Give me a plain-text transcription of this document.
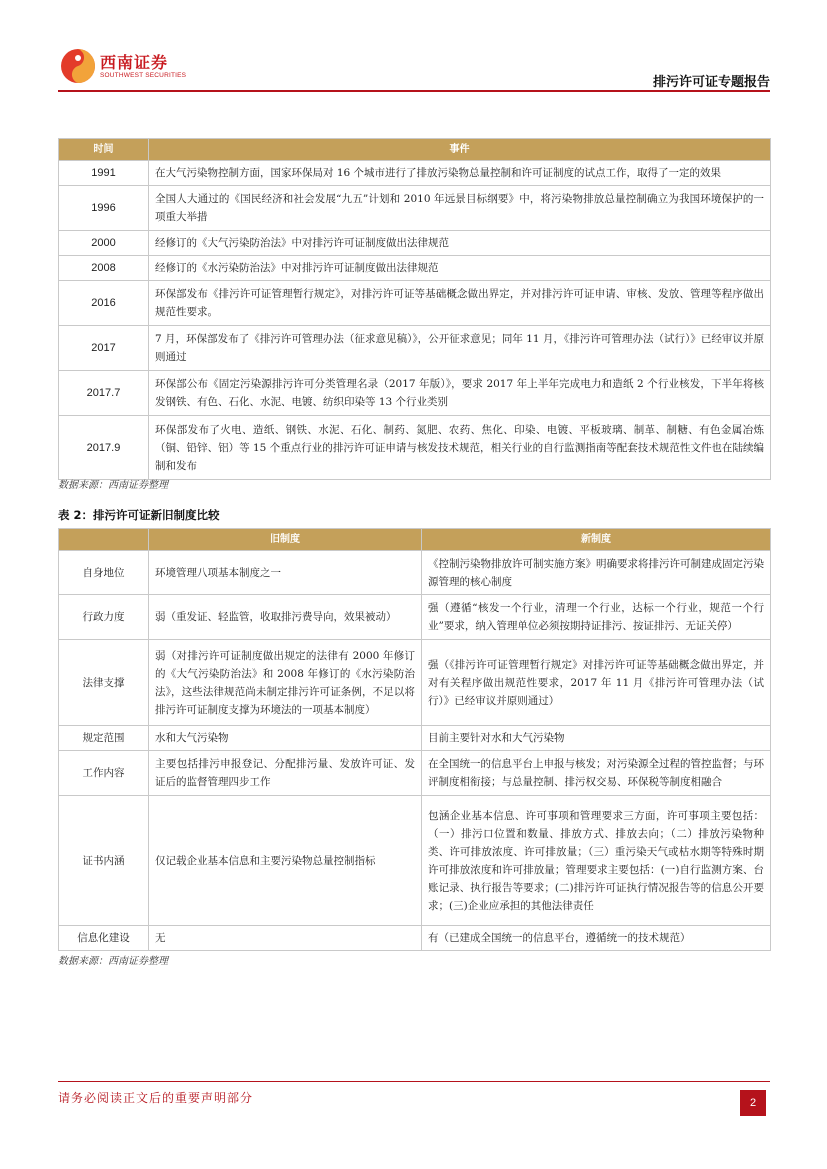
西南证券
SOUTHWEST SECURITIES	排污许可证专题报告
时间	事件
1991	在大气污染物控制方面，国家环保局对 16 个城市进行了排放污染物总量控制和许可证制度的试点工作，取得了一定的效果
1996	全国人大通过的《国民经济和社会发展“九五”计划和 2010 年远景目标纲要》中，将污染物排放总量控制确立为我国环境保护的一项重大举措
2000	经修订的《大气污染防治法》中对排污许可证制度做出法律规范
2008	经修订的《水污染防治法》中对排污许可证制度做出法律规范
2016	环保部发布《排污许可证管理暂行规定》，对排污许可证等基础概念做出界定，并对排污许可证申请、审核、发放、管理等程序做出规范性要求。
2017	7 月，环保部发布了《排污许可管理办法（征求意见稿）》，公开征求意见；同年 11 月，《排污许可管理办法（试行）》已经审议并原则通过
2017.7	环保部公布《固定污染源排污许可分类管理名录（2017 年版）》，要求 2017 年上半年完成电力和造纸 2 个行业核发，下半年将核发钢铁、有色、石化、水泥、电镀、纺织印染等 13 个行业类别
2017.9	环保部发布了火电、造纸、钢铁、水泥、石化、制药、氮肥、农药、焦化、印染、电镀、平板玻璃、制革、制糖、有色金属冶炼（铜、铅锌、铝）等 15 个重点行业的排污许可证申请与核发技术规范，相关行业的自行监测指南等配套技术规范性文件也在陆续编制和发布
数据来源：西南证券整理
表 2：排污许可证新旧制度比较
	旧制度	新制度
自身地位	环境管理八项基本制度之一	《控制污染物排放许可制实施方案》明确要求将排污许可制建成固定污染源管理的核心制度
行政力度	弱（重发证、轻监管，收取排污费导向，效果被动）	强（遵循“核发一个行业，清理一个行业，达标一个行业，规范一个行业”要求，纳入管理单位必须按期持证排污、按证排污、无证关停）
法律支撑	弱（对排污许可证制度做出规定的法律有 2000 年修订的《大气污染防治法》和 2008 年修订的《水污染防治法》，这些法律规范尚未制定排污许可证条例，不足以将排污许可证制度支撑为环境法的一项基本制度）	强（《排污许可证管理暂行规定》对排污许可证等基础概念做出界定，并对有关程序做出规范性要求，2017 年 11 月《排污许可管理办法（试行）》已经审议并原则通过）
规定范围	水和大气污染物	目前主要针对水和大气污染物
工作内容	主要包括排污申报登记、分配排污量、发放许可证、发证后的监督管理四步工作	在全国统一的信息平台上申报与核发；对污染源全过程的管控监督；与环评制度相衔接；与总量控制、排污权交易、环保税等制度相融合
证书内涵	仅记载企业基本信息和主要污染物总量控制指标	包涵企业基本信息、许可事项和管理要求三方面，许可事项主要包括：（一）排污口位置和数量、排放方式、排放去向；（二）排放污染物种类、许可排放浓度、许可排放量；（三）重污染天气或枯水期等特殊时期许可排放浓度和许可排放量；管理要求主要包括：(一)自行监测方案、台账记录、执行报告等要求；(二)排污许可证执行情况报告等的信息公开要求；(三)企业应承担的其他法律责任
信息化建设	无	有（已建成全国统一的信息平台，遵循统一的技术规范）
数据来源：西南证券整理
请务必阅读正文后的重要声明部分	2
